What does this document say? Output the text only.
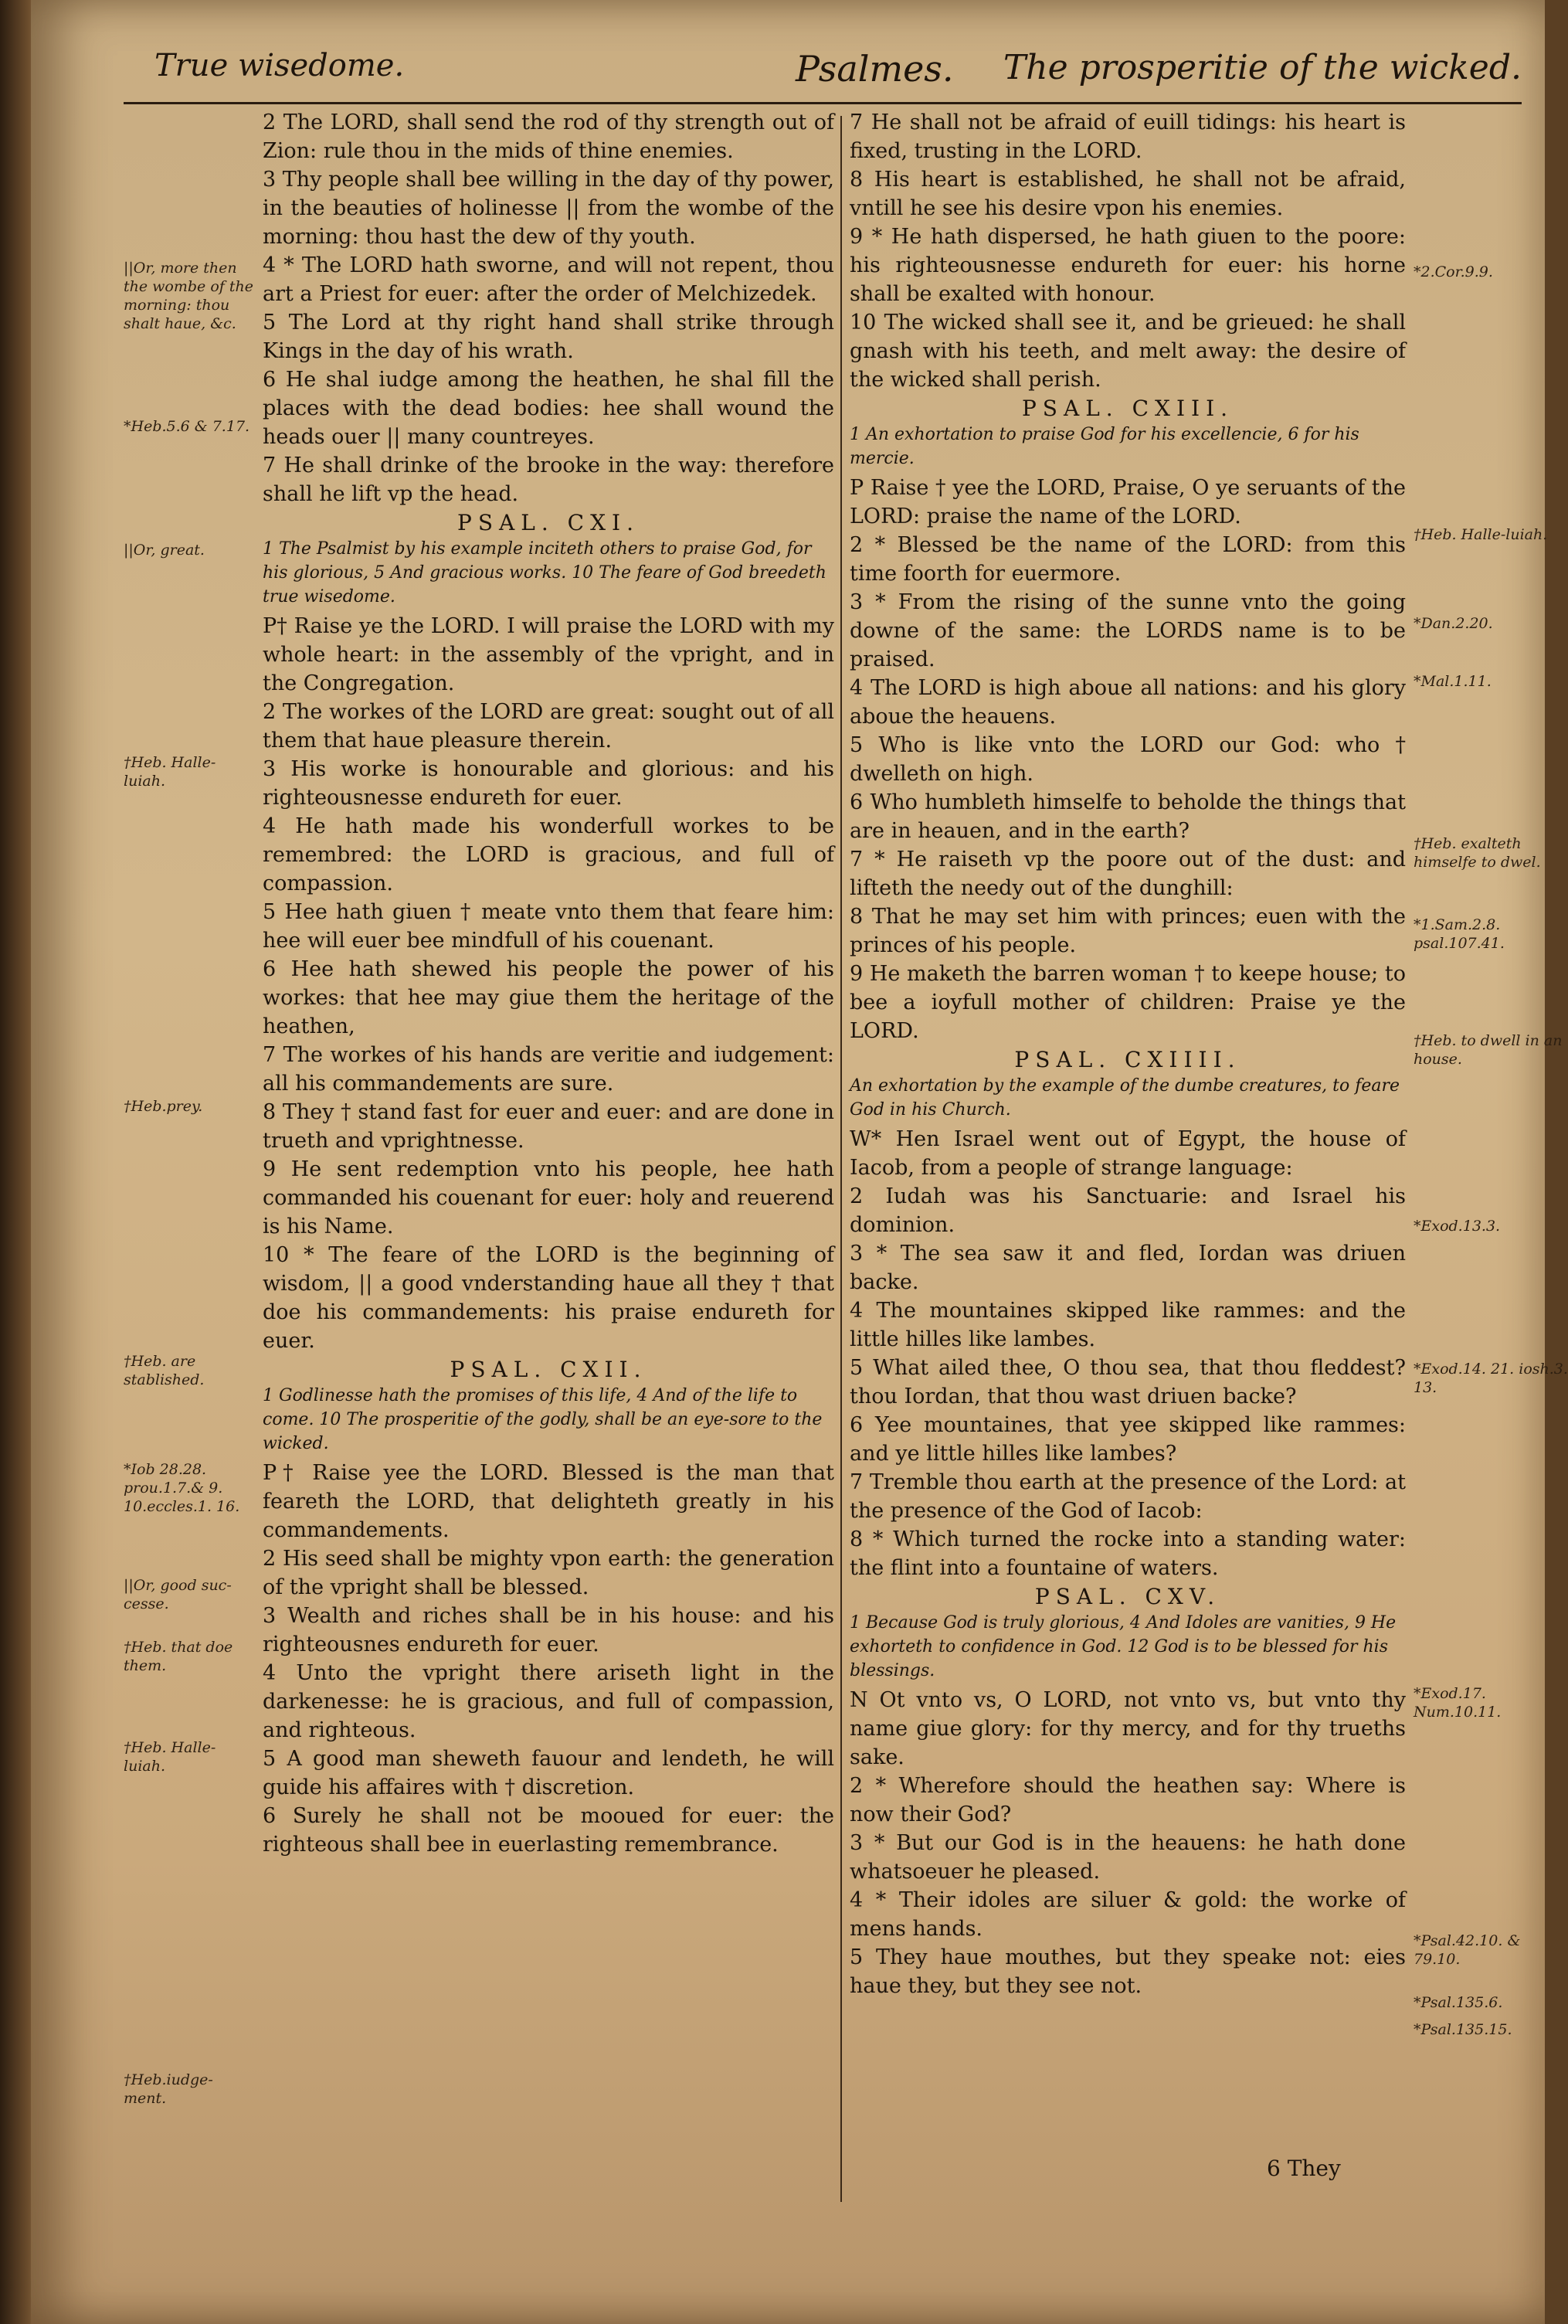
True wisedome.	Psalmes. The prosperitie of the wicked.

2 The LORD, shall send the rod of thy strength out of Zion: rule thou in the mids of thine enemies.

3 Thy people shall bee willing in the day of thy power, in the beauties of holinesse || from the wombe of the morning: thou hast the dew of thy youth.

4 * The LORD hath sworne, and will not repent, thou art a Priest for euer: after the order of Melchizedek.

5 The Lord at thy right hand shall strike through Kings in the day of his wrath.

6 He shal iudge among the heathen, he shal fill the places with the dead bodies: hee shall wound the heads ouer || many countreyes.

7 He shall drinke of the brooke in the way: therefore shall he lift vp the head.

PSAL. CXI.

1 The Psalmist by his example inciteth others to praise God, for his glorious, 5 And gracious works. 10 The feare of God breedeth true wisedome.

P† Raise ye the LORD. I will praise the LORD with my whole heart: in the assembly of the vpright, and in the Congregation.

2 The workes of the LORD are great: sought out of all them that haue pleasure therein.

3 His worke is honourable and glorious: and his righteousnesse endureth for euer.

4 He hath made his wonderfull workes to be remembred: the LORD is gracious, and full of compassion.

5 Hee hath giuen † meate vnto them that feare him: hee will euer bee mindfull of his couenant.

6 Hee hath shewed his people the power of his workes: that hee may giue them the heritage of the heathen,

7 The workes of his hands are veritie and iudgement: all his commandements are sure.

8 They † stand fast for euer and euer: and are done in trueth and vprightnesse.

9 He sent redemption vnto his people, hee hath commanded his couenant for euer: holy and reuerend is his Name.

10 * The feare of the LORD is the beginning of wisdom, || a good vnderstanding haue all they † that doe his commandements: his praise endureth for euer.

PSAL. CXII.

1 Godlinesse hath the promises of this life, 4 And of the life to come. 10 The prosperitie of the godly, shall be an eye-sore to the wicked.

P† Raise yee the LORD. Blessed is the man that feareth the LORD, that delighteth greatly in his commandements.

2 His seed shall be mighty vpon earth: the generation of the vpright shall be blessed.

3 Wealth and riches shall be in his house: and his righteousnes endureth for euer.

4 Unto the vpright there ariseth light in the darkenesse: he is gracious, and full of compassion, and righteous.

5 A good man sheweth fauour and lendeth, he will guide his affaires with † discretion.

6 Surely he shall not be mooued for euer: the righteous shall bee in euerlasting remembrance.

7 He shall not be afraid of euill tidings: his heart is fixed, trusting in the LORD.

8 His heart is established, he shall not be afraid, vntill he see his desire vpon his enemies.

9 * He hath dispersed, he hath giuen to the poore: his righteousnesse endureth for euer: his horne shall be exalted with honour.

10 The wicked shall see it, and be grieued: he shall gnash with his teeth, and melt away: the desire of the wicked shall perish.

PSAL. CXIII.

1 An exhortation to praise God for his excellencie, 6 for his mercie.

P Raise † yee the LORD, Praise, O ye seruants of the LORD: praise the name of the LORD.

2 * Blessed be the name of the LORD: from this time foorth for euermore.

3 * From the rising of the sunne vnto the going downe of the same: the LORDS name is to be praised.

4 The LORD is high aboue all nations: and his glory aboue the heauens.

5 Who is like vnto the LORD our God: who † dwelleth on high.

6 Who humbleth himselfe to beholde the things that are in heauen, and in the earth?

7 * He raiseth vp the poore out of the dust: and lifteth the needy out of the dunghill:

8 That he may set him with princes; euen with the princes of his people.

9 He maketh the barren woman † to keepe house; to bee a ioyfull mother of children: Praise ye the LORD.

PSAL. CXIIII.

An exhortation by the example of the dumbe creatures, to feare God in his Church.

W* Hen Israel went out of Egypt, the house of Iacob, from a people of strange language:

2 Iudah was his Sanctuarie: and Israel his dominion.

3 * The sea saw it and fled, Iordan was driuen backe.

4 The mountaines skipped like rammes: and the little hilles like lambes.

5 What ailed thee, O thou sea, that thou fleddest? thou Iordan, that thou wast driuen backe?

6 Yee mountaines, that yee skipped like rammes: and ye little hilles like lambes?

7 Tremble thou earth at the presence of the Lord: at the presence of the God of Iacob:

8 * Which turned the rocke into a standing water: the flint into a fountaine of waters.

PSAL. CXV.

1 Because God is truly glorious, 4 And Idoles are vanities, 9 He exhorteth to confidence in God. 12 God is to be blessed for his blessings.

N Ot vnto vs, O LORD, not vnto vs, but vnto thy name giue glory: for thy mercy, and for thy trueths sake.

2 * Wherefore should the heathen say: Where is now their God?

3 * But our God is in the heauens: he hath done whatsoeuer he pleased.

4 * Their idoles are siluer & gold: the worke of mens hands.

5 They haue mouthes, but they speake not: eies haue they, but they see not.

||Or, more then the wombe of the morning: thou shalt haue, &c.
*Heb.5.6 & 7.17.
||Or, great.
†Heb. Halle-luiah.
†Heb.prey.
†Heb. are stablished.
*Iob 28.28. prou.1.7.& 9. 10.eccles.1. 16.
||Or, good suc-cesse.
†Heb. that doe them.
†Heb. Halle-luiah.
†Heb.iudge-ment.
*2.Cor.9.9.
†Heb. Halle-luiah.
*Dan.2.20.
*Mal.1.11.
†Heb. exalteth himselfe to dwel.
*1.Sam.2.8. psal.107.41.
†Heb. to dwell in an house.
*Exod.13.3.
*Exod.14. 21. iosh.3. 13.
*Exod.17. Num.10.11.
*Psal.42.10. & 79.10.
*Psal.135.6.
*Psal.135.15.
6 They
